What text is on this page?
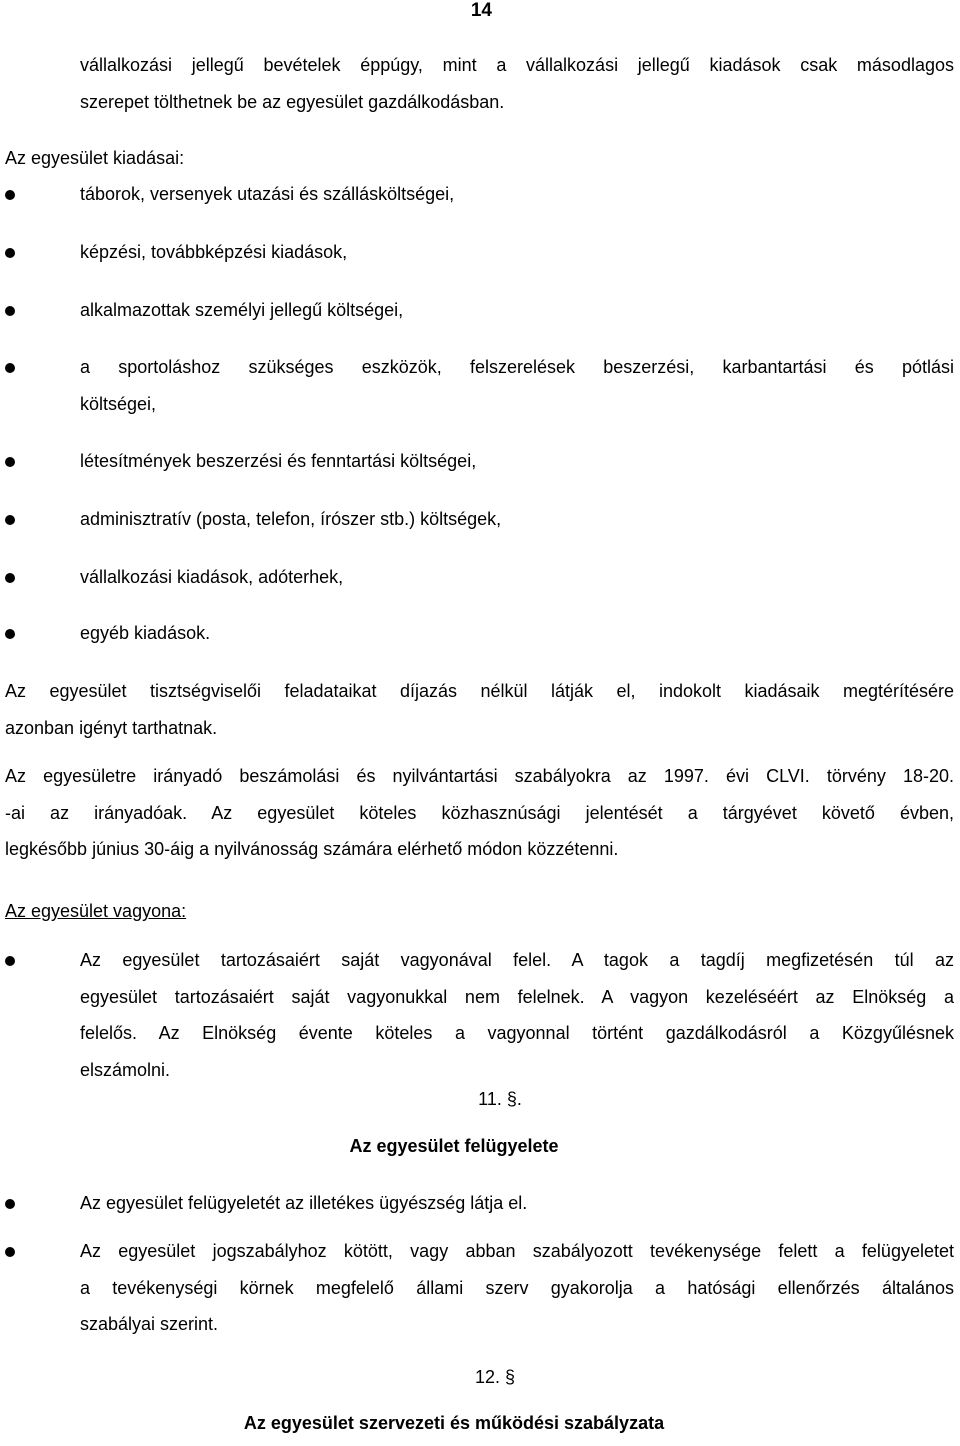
14
vállalkozási jellegű bevételek éppúgy, mint a vállalkozási jellegű kiadások csak másodlagos
szerepet tölthetnek be az egyesület gazdálkodásban.
Az egyesület kiadásai:
táborok, versenyek utazási és szállásköltségei,
képzési, továbbképzési kiadások,
alkalmazottak személyi jellegű költségei,
a sportoláshoz szükséges eszközök, felszerelések beszerzési, karbantartási és pótlási
költségei,
létesítmények beszerzési és fenntartási költségei,
adminisztratív (posta, telefon, írószer stb.) költségek,
vállalkozási kiadások, adóterhek,
egyéb kiadások.
Az egyesület tisztségviselői feladataikat díjazás nélkül látják el, indokolt kiadásaik megtérítésére
azonban igényt tarthatnak.
Az egyesületre irányadó beszámolási és nyilvántartási szabályokra az 1997. évi CLVI. törvény 18-20.
-ai az irányadóak. Az egyesület köteles közhasznúsági jelentését a tárgyévet követő évben,
legkésőbb június 30-áig a nyilvánosság számára elérhető módon közzétenni.
Az egyesület vagyona:
Az egyesület tartozásaiért saját vagyonával felel. A tagok a tagdíj megfizetésén túl az
egyesület tartozásaiért saját vagyonukkal nem felelnek. A vagyon kezeléséért az Elnökség a
felelős. Az Elnökség évente köteles a vagyonnal történt gazdálkodásról a Közgyűlésnek
elszámolni.
11. §.
Az egyesület felügyelete
Az egyesület felügyeletét az illetékes ügyészség látja el.
Az egyesület jogszabályhoz kötött, vagy abban szabályozott tevékenysége felett a felügyeletet
a tevékenységi körnek megfelelő állami szerv gyakorolja a hatósági ellenőrzés általános
szabályai szerint.
12. §
Az egyesület szervezeti és működési szabályzata
